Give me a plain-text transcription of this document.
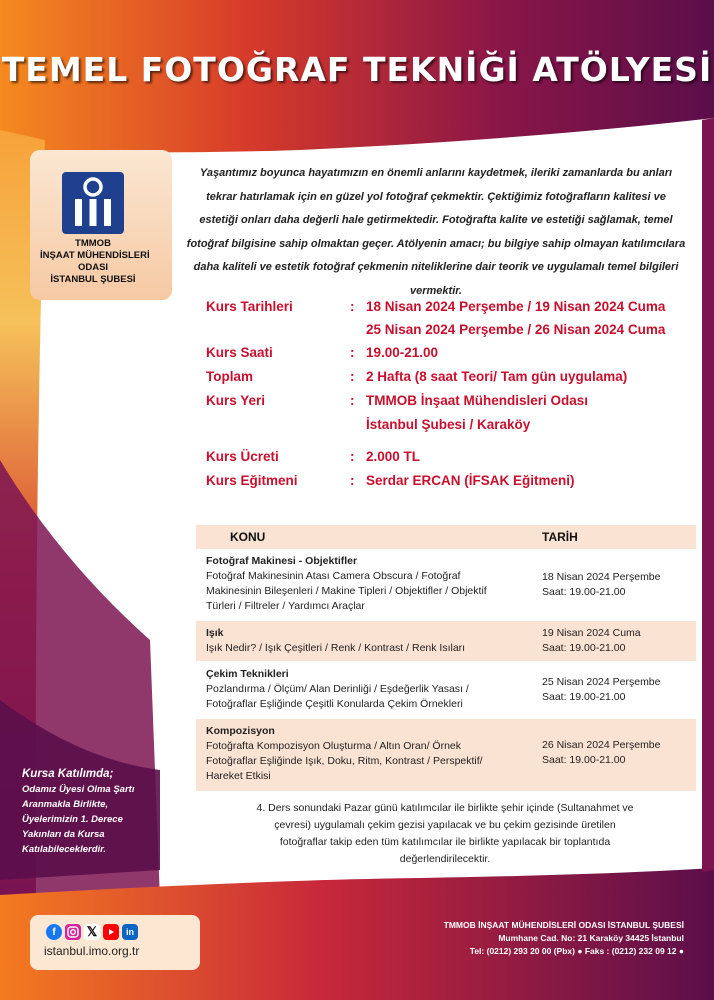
TEMEL FOTOĞRAF TEKNİĞİ ATÖLYESİ
TMMOB
İNŞAAT MÜHENDİSLERİ
ODASI
İSTANBUL ŞUBESİ
Yaşantımız boyunca hayatımızın en önemli anlarını kaydetmek, ileriki zamanlarda bu anları tekrar hatırlamak için en güzel yol fotoğraf çekmektir. Çektiğimiz fotoğrafların kalitesi ve estetiği onları daha değerli hale getirmektedir. Fotoğrafta kalite ve estetiği sağlamak, temel fotoğraf bilgisine sahip olmaktan geçer. Atölyenin amacı; bu bilgiye sahip olmayan katılımcılara daha kaliteli ve estetik fotoğraf çekmenin niteliklerine dair teorik ve uygulamalı temel bilgileri vermektir.
Kurs Tarihleri	: 18 Nisan 2024 Perşembe / 19 Nisan 2024 Cuma
25 Nisan 2024 Perşembe / 26 Nisan 2024 Cuma
Kurs Saati	: 19.00-21.00
Toplam	: 2 Hafta (8 saat Teori/ Tam gün uygulama)
Kurs Yeri	: TMMOB İnşaat Mühendisleri Odası
İstanbul Şubesi / Karaköy
Kurs Ücreti	: 2.000 TL
Kurs Eğitmeni	: Serdar ERCAN (İFSAK Eğitmeni)
KONU	TARİH
Fotoğraf Makinesi - Objektifler
Fotoğraf Makinesinin Atası Camera Obscura / Fotoğraf Makinesinin Bileşenleri / Makine Tipleri / Objektifler / Objektif Türleri / Filtreler / Yardımcı Araçlar
18 Nisan 2024 Perşembe
Saat: 19.00-21.00
Işık
Işık Nedir? / Işık Çeşitleri / Renk / Kontrast / Renk Isıları
19 Nisan 2024 Cuma
Saat: 19.00-21.00
Çekim Teknikleri
Pozlandırma / Ölçüm/ Alan Derinliği / Eşdeğerlik Yasası / Fotoğraflar Eşliğinde Çeşitli Konularda Çekim Örnekleri
25 Nisan 2024 Perşembe
Saat: 19.00-21.00
Kompozisyon
Fotoğrafta Kompozisyon Oluşturma / Altın Oran/ Örnek Fotoğraflar Eşliğinde Işık, Doku, Ritm, Kontrast / Perspektif/ Hareket Etkisi
26 Nisan 2024 Perşembe
Saat: 19.00-21.00
4. Ders sonundaki Pazar günü katılımcılar ile birlikte şehir içinde (Sultanahmet ve çevresi) uygulamalı çekim gezisi yapılacak ve bu çekim gezisinde üretilen fotoğraflar takip eden tüm katılımcılar ile birlikte yapılacak bir toplantıda değerlendirilecektir.
Kursa Katılımda;
Odamız Üyesi Olma Şartı
Aranmakla Birlikte,
Üyelerimizin 1. Derece
Yakınları da Kursa
Katılabileceklerdir.
f	𝕏	in
istanbul.imo.org.tr
TMMOB İNŞAAT MÜHENDİSLERİ ODASI İSTANBUL ŞUBESİ
Mumhane Cad. No: 21 Karaköy 34425 İstanbul
Tel: (0212) 293 20 00 (Pbx) ● Faks : (0212) 232 09 12 ●
